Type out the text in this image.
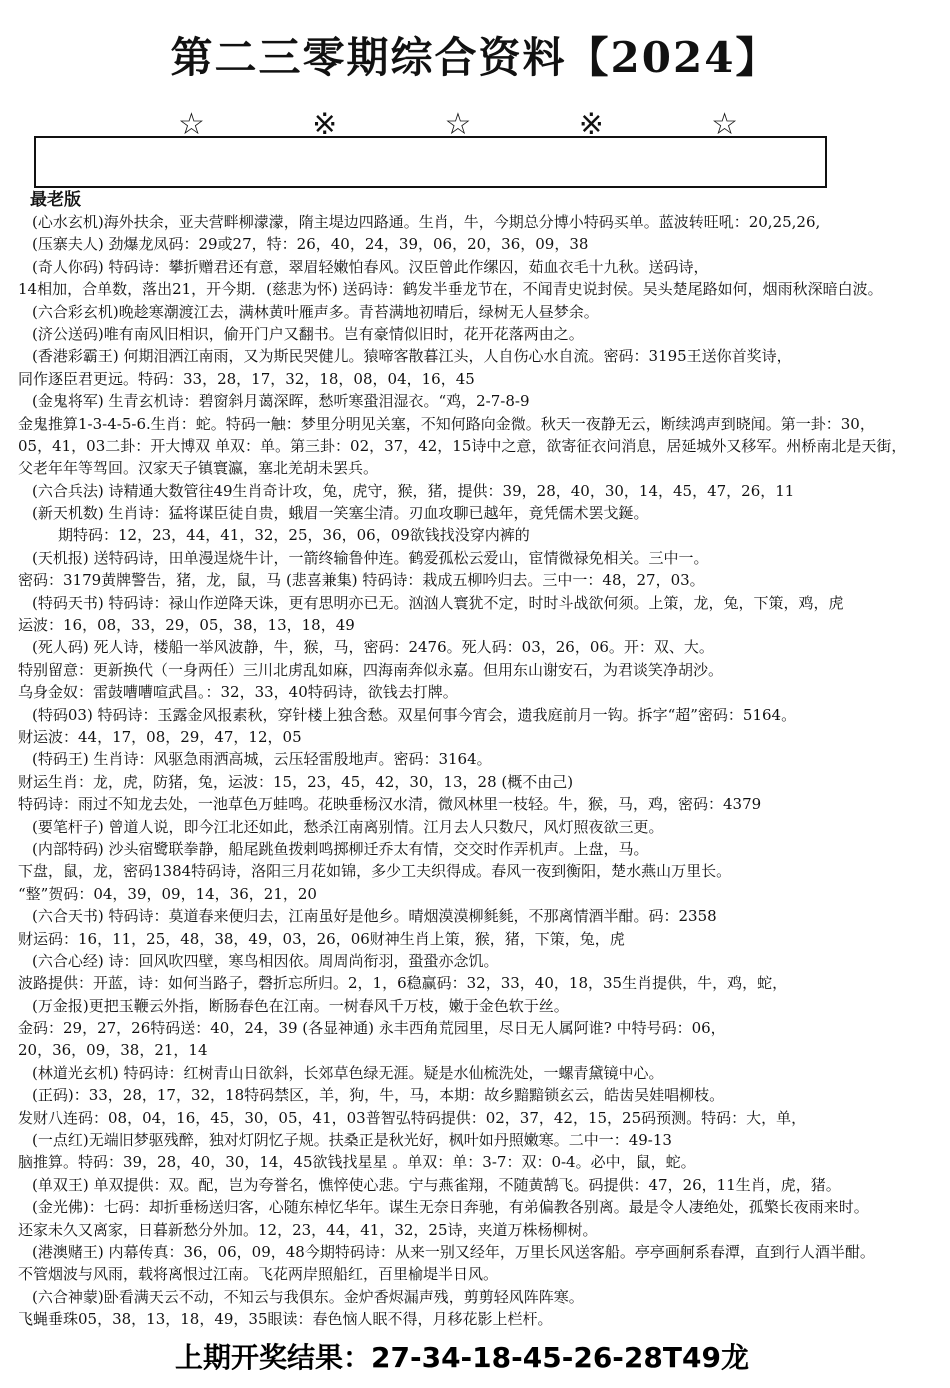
第二三零期综合资料【2024】
☆	※	☆	※	☆
最老版
(心水玄机)海外扶余，亚夫营畔柳濛濛，隋主堤边四路通。生肖，牛，今期总分博小特码买单。蓝波转旺吼：20,25,26,
(压寨夫人) 劲爆龙凤码：29或27，特：26，40，24，39，06，20，36，09，38
(奇人你码) 特码诗：攀折赠君还有意，翠眉轻嫩怕春风。汉臣曾此作缧囚，茹血衣毛十九秋。送码诗，
14相加，合单数，落出21，开今期．(慈悲为怀) 送码诗：鹤发半垂龙节在，不闻青史说封侯。吴头楚尾路如何，烟雨秋深暗白波。
(六合彩玄机)晚趁寒潮渡江去，满林黄叶雁声多。青苔满地初晴后，绿树无人昼梦余。
(济公送码)唯有南风旧相识，偷开门户又翻书。岂有豪情似旧时，花开花落两由之。
(香港彩霸王) 何期泪洒江南雨，又为斯民哭健儿。猿啼客散暮江头，人自伤心水自流。密码：3195王送你首奖诗，
同作逐臣君更远。特码：33，28，17，32，18，08，04，16，45
(金鬼将军) 生青玄机诗：碧窗斜月蔼深晖，愁听寒蛩泪湿衣。“鸡，2-7-8-9
金鬼推算1-3-4-5-6.生肖：蛇。特码一触：梦里分明见关塞，不知何路向金微。秋天一夜静无云，断续鸿声到晓闻。第一卦：30，
05，41，03二卦：开大博双 单双：单。第三卦：02，37，42，15诗中之意，欲寄征衣问消息，居延城外又移军。州桥南北是天街，
父老年年等驾回。汉家天子镇寰瀛，塞北羌胡未罢兵。
(六合兵法) 诗精通大数管往49生肖奇计攻，兔，虎守，猴，猪，提供：39，28，40，30，14，45，47，26，11
(新天机数) 生肖诗：猛将谋臣徒自贵，蛾眉一笑塞尘清。刃血攻聊已越年，竟凭儒术罢戈鋋。
期特码：12，23，44，41，32，25，36，06，09欲钱找没穿内裤的
(天机报) 送特码诗，田单漫逞烧牛计，一箭终输鲁仲连。鹤爱孤松云爱山，宦情微禄免相关。三中一。
密码：3179黄牌警告，猪，龙，鼠，马 (悲喜兼集) 特码诗：栽成五柳吟归去。三中一：48，27，03。
(特码天书) 特码诗：禄山作逆降天诛，更有思明亦已无。汹汹人寰犹不定，时时斗战欲何须。上策，龙，兔，下策，鸡，虎
运波：16，08，33，29，05，38，13，18，49
(死人码) 死人诗，楼船一举风波静，牛，猴，马，密码：2476。死人码：03，26，06。开：双、大。
特别留意：更新换代（一身两任）三川北虏乱如麻，四海南奔似永嘉。但用东山谢安石，为君谈笑净胡沙。
乌身金奴：雷鼓嘈嘈喧武昌。：32，33，40特码诗，欲钱去打牌。
(特码03) 特码诗：玉露金风报素秋，穿针楼上独含愁。双星何事今宵会，遗我庭前月一钩。拆字“超”密码：5164。
财运波：44，17，08，29，47，12，05
(特码王) 生肖诗：风驱急雨洒高城，云压轻雷殷地声。密码：3164。
财运生肖：龙，虎，防猪，兔，运波：15，23，45，42，30，13，28 (概不由己)
特码诗：雨过不知龙去处，一池草色万蛙鸣。花映垂杨汉水清，微风林里一枝轻。牛，猴，马，鸡，密码：4379
(要笔杆子) 曾道人说，即今江北还如此，愁杀江南离别情。江月去人只数尺，风灯照夜欲三更。
(内部特码) 沙头宿鹭联拳静，船尾跳鱼拨剌鸣掷柳迁乔太有情，交交时作弄机声。上盘，马。
下盘，鼠，龙，密码1384特码诗，洛阳三月花如锦，多少工夫织得成。春风一夜到衡阳，楚水燕山万里长。
“整”贺码：04，39，09，14，36，21，20
(六合天书) 特码诗：莫道春来便归去，江南虽好是他乡。晴烟漠漠柳毵毵，不那离情酒半酣。码：2358
财运码：16，11，25，48，38，49，03，26，06财神生肖上策，猴，猪，下策，兔，虎
(六合心经) 诗：回风吹四壁，寒鸟相因依。周周尚衔羽，蛩蛩亦念饥。
波路提供：开蓝，诗：如何当路子，磬折忘所归。2，1，6稳赢码：32，33，40，18，35生肖提供，牛，鸡，蛇，
(万金报)更把玉鞭云外指，断肠春色在江南。一树春风千万枝，嫩于金色软于丝。
金码：29，27，26特码送：40，24，39 (各显神通) 永丰西角荒园里，尽日无人属阿谁? 中特号码：06，
20，36，09，38，21，14
(林道光玄机) 特码诗：红树青山日欲斜，长郊草色绿无涯。疑是水仙梳洗处，一螺青黛镜中心。
(正码)：33，28，17，32，18特码禁区，羊，狗，牛，马，本期：故乡黯黯锁玄云，皓齿吴娃唱柳枝。
发财八连码：08，04，16，45，30，05，41，03普智弘特码提供：02，37，42，15，25码预测。特码：大，单，
(一点红)无端旧梦驱残醉，独对灯阴忆子规。扶桑正是秋光好，枫叶如丹照嫩寒。二中一：49-13
脑推算。特码：39，28，40，30，14，45欲钱找星星 。单双：单：3-7：双：0-4。必中，鼠，蛇。
(单双王) 单双提供：双。配，岂为夸誉名，憔悴使心悲。宁与燕雀翔，不随黄鹄飞。码提供：47，26，11生肖，虎，猪。
(金光佛)：七码：却折垂杨送归客，心随东棹忆华年。谋生无奈日奔驰，有弟偏教各别离。最是令人凄绝处，孤檠长夜雨来时。
还家未久又离家，日暮新愁分外加。12，23，44，41，32，25诗，夹道万株杨柳树。
(港澳赌王) 内幕传真：36，06，09，48今期特码诗：从来一别又经年，万里长风送客船。亭亭画舸系春潭，直到行人酒半酣。
不管烟波与风雨，载将离恨过江南。飞花两岸照船红，百里榆堤半日风。
(六合神蒙)卧看满天云不动，不知云与我俱东。金炉香烬漏声残，剪剪轻风阵阵寒。
飞蝇垂珠05，38，13，18，49，35眼读：春色恼人眠不得，月移花影上栏杆。
上期开奖结果：27-34-18-45-26-28T49龙
